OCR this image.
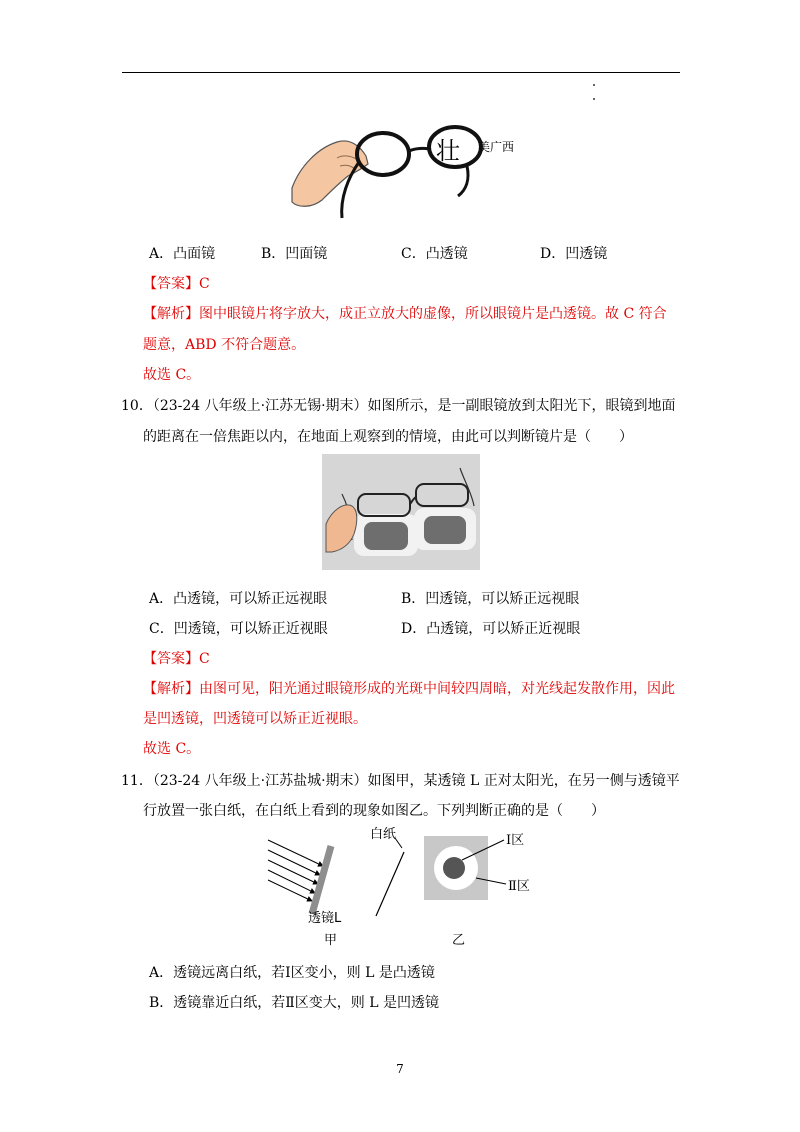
壮 美广西
A．凸面镜	B．凹面镜	C．凸透镜	D．凹透镜
【答案】C
【解析】图中眼镜片将字放大，成正立放大的虚像，所以眼镜片是凸透镜。故 C 符合
题意，ABD 不符合题意。
故选 C。
10．（23-24 八年级上·江苏无锡·期末）如图所示，是一副眼镜放到太阳光下，眼镜到地面
的距离在一倍焦距以内，在地面上观察到的情境，由此可以判断镜片是（　　）
A．凸透镜，可以矫正远视眼	B．凹透镜，可以矫正远视眼
C．凹透镜，可以矫正近视眼	D．凸透镜，可以矫正近视眼
【答案】C
【解析】由图可见，阳光通过眼镜形成的光斑中间较四周暗，对光线起发散作用，因此
是凹透镜，凹透镜可以矫正近视眼。
故选 C。
11．（23-24 八年级上·江苏盐城·期末）如图甲，某透镜 L 正对太阳光，在另一侧与透镜平
行放置一张白纸，在白纸上看到的现象如图乙。下列判断正确的是（　　）
透镜L
甲
白纸	Ⅰ区
Ⅱ区
乙
A．透镜远离白纸，若Ⅰ区变小，则 L 是凸透镜
B．透镜靠近白纸，若Ⅱ区变大，则 L 是凹透镜
7
